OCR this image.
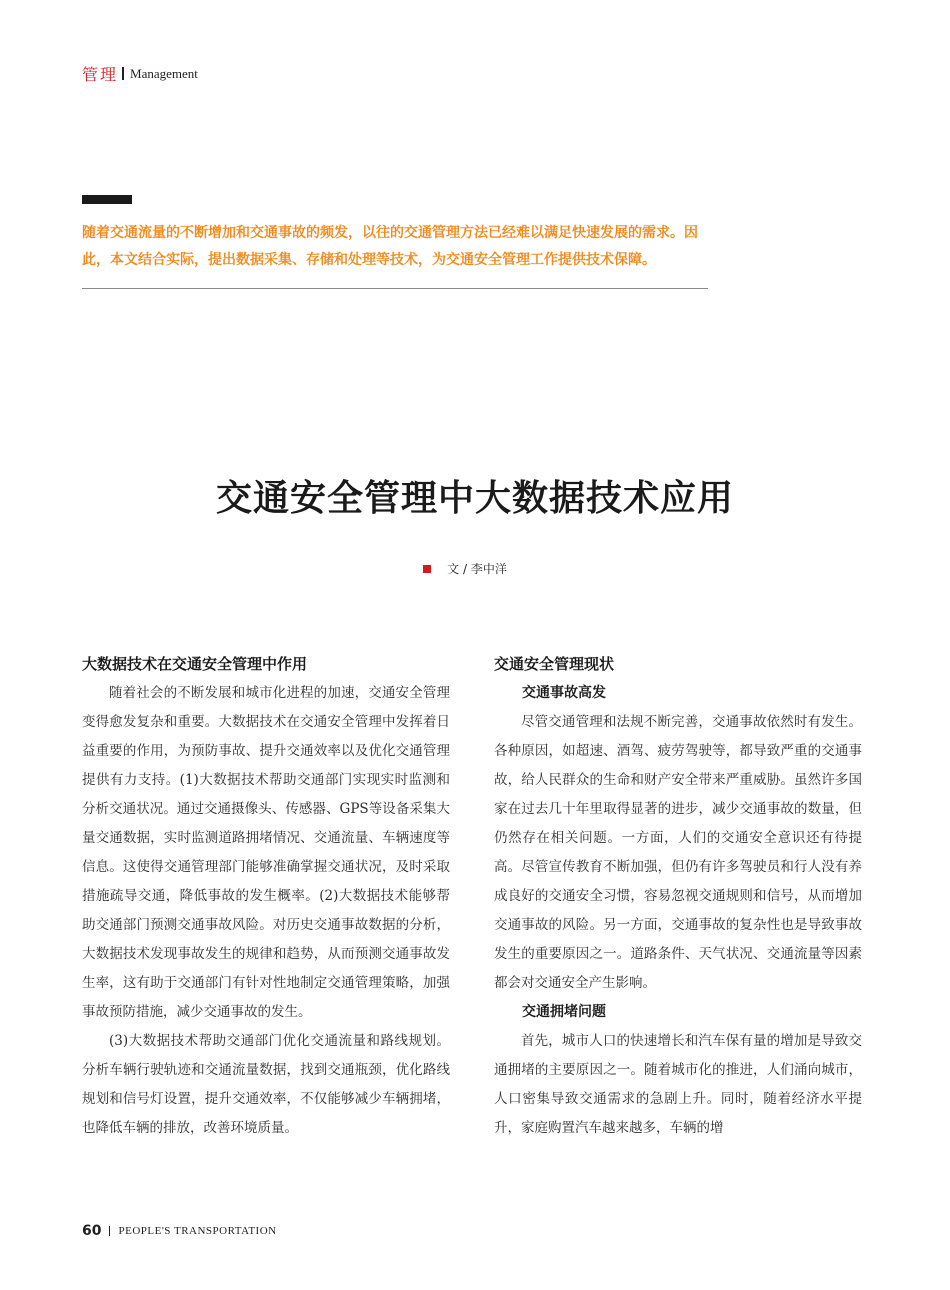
管理 Management
随着交通流量的不断增加和交通事故的频发，以往的交通管理方法已经难以满足快速发展的需求。因此，本文结合实际，提出数据采集、存储和处理等技术，为交通安全管理工作提供技术保障。
交通安全管理中大数据技术应用
文 / 李中洋
大数据技术在交通安全管理中作用

随着社会的不断发展和城市化进程的加速，交通安全管理变得愈发复杂和重要。大数据技术在交通安全管理中发挥着日益重要的作用，为预防事故、提升交通效率以及优化交通管理提供有力支持。(1)大数据技术帮助交通部门实现实时监测和分析交通状况。通过交通摄像头、传感器、GPS等设备采集大量交通数据，实时监测道路拥堵情况、交通流量、车辆速度等信息。这使得交通管理部门能够准确掌握交通状况，及时采取措施疏导交通，降低事故的发生概率。(2)大数据技术能够帮助交通部门预测交通事故风险。对历史交通事故数据的分析，大数据技术发现事故发生的规律和趋势，从而预测交通事故发生率，这有助于交通部门有针对性地制定交通管理策略，加强事故预防措施，减少交通事故的发生。

(3)大数据技术帮助交通部门优化交通流量和路线规划。分析车辆行驶轨迹和交通流量数据，找到交通瓶颈，优化路线规划和信号灯设置，提升交通效率，不仅能够减少车辆拥堵，也降低车辆的排放，改善环境质量。

交通安全管理现状
交通事故高发

尽管交通管理和法规不断完善，交通事故依然时有发生。各种原因，如超速、酒驾、疲劳驾驶等，都导致严重的交通事故，给人民群众的生命和财产安全带来严重威胁。虽然许多国家在过去几十年里取得显著的进步，减少交通事故的数量，但仍然存在相关问题。一方面，人们的交通安全意识还有待提高。尽管宣传教育不断加强，但仍有许多驾驶员和行人没有养成良好的交通安全习惯，容易忽视交通规则和信号，从而增加交通事故的风险。另一方面，交通事故的复杂性也是导致事故发生的重要原因之一。道路条件、天气状况、交通流量等因素都会对交通安全产生影响。

交通拥堵问题

首先，城市人口的快速增长和汽车保有量的增加是导致交通拥堵的主要原因之一。随着城市化的推进，人们涌向城市，人口密集导致交通需求的急剧上升。同时，随着经济水平提升，家庭购置汽车越来越多，车辆的增

60 PEOPLE'S TRANSPORTATION
